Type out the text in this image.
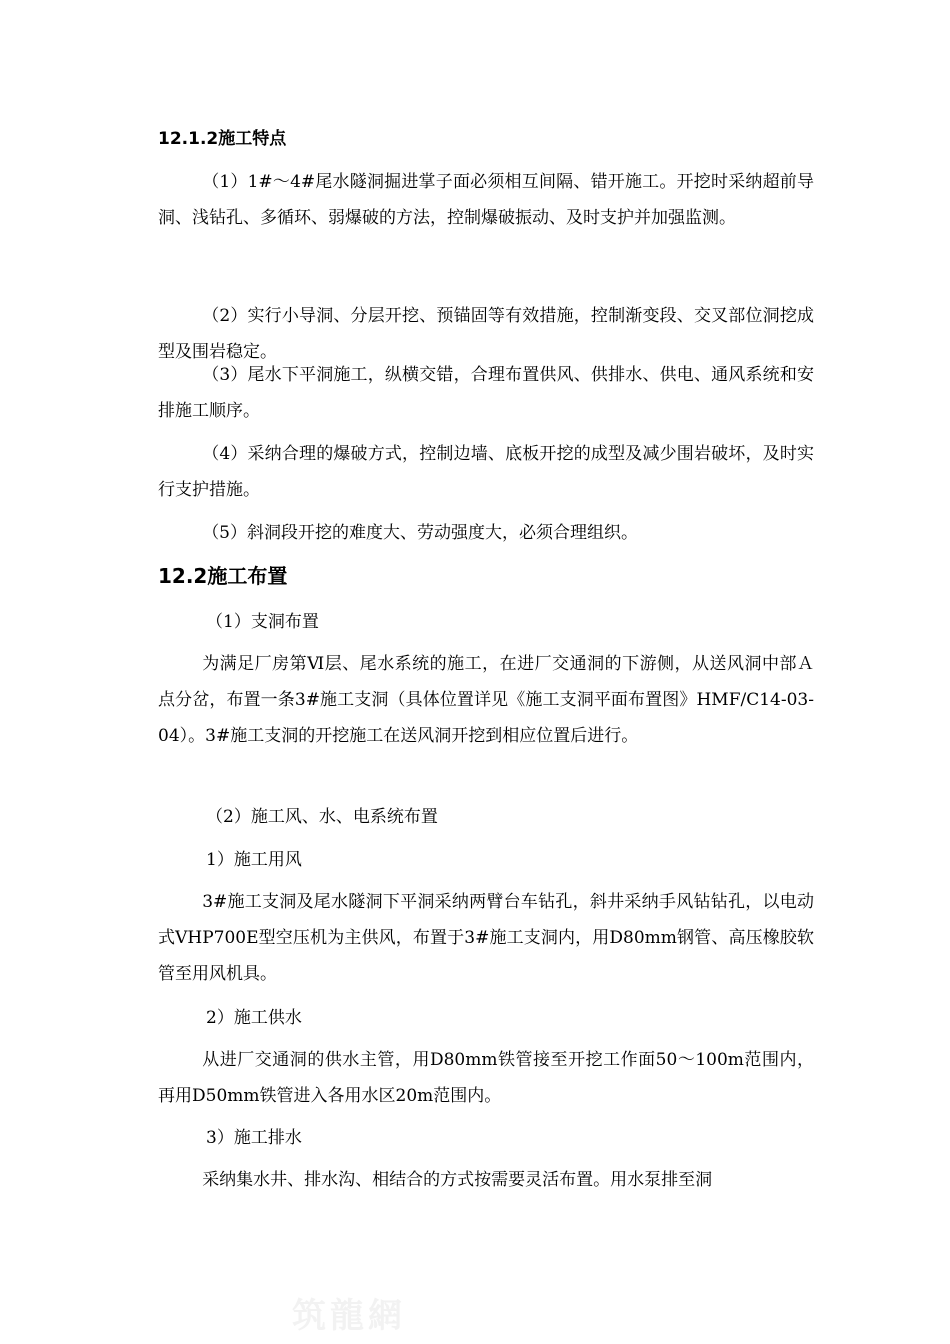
12.1.2施工特点

（1）1#～4#尾水隧洞掘进掌子面必须相互间隔、错开施工。开挖时采纳超前导洞、浅钻孔、多循环、弱爆破的方法，控制爆破振动、及时支护并加强监测。

（2）实行小导洞、分层开挖、预锚固等有效措施，控制渐变段、交叉部位洞挖成型及围岩稳定。

（3）尾水下平洞施工，纵横交错，合理布置供风、供排水、供电、通风系统和安排施工顺序。

（4）采纳合理的爆破方式，控制边墙、底板开挖的成型及减少围岩破坏，及时实行支护措施。

（5）斜洞段开挖的难度大、劳动强度大，必须合理组织。

12.2施工布置
（1）支洞布置

为满足厂房第Ⅵ层、尾水系统的施工，在进厂交通洞的下游侧，从送风洞中部Ａ点分岔，布置一条3#施工支洞（具体位置详见《施工支洞平面布置图》HMF/C14-03-04）。3#施工支洞的开挖施工在送风洞开挖到相应位置后进行。

（2）施工风、水、电系统布置
1）施工用风

3#施工支洞及尾水隧洞下平洞采纳两臂台车钻孔，斜井采纳手风钻钻孔，以电动式VHP700E型空压机为主供风，布置于3#施工支洞内，用D80mm钢管、高压橡胶软管至用风机具。

2）施工供水

从进厂交通洞的供水主管，用D80mm铁管接至开挖工作面50～100m范围内，再用D50mm铁管进入各用水区20m范围内。

3）施工排水

采纳集水井、排水沟、相结合的方式按需要灵活布置。用水泵排至洞

筑龍網
